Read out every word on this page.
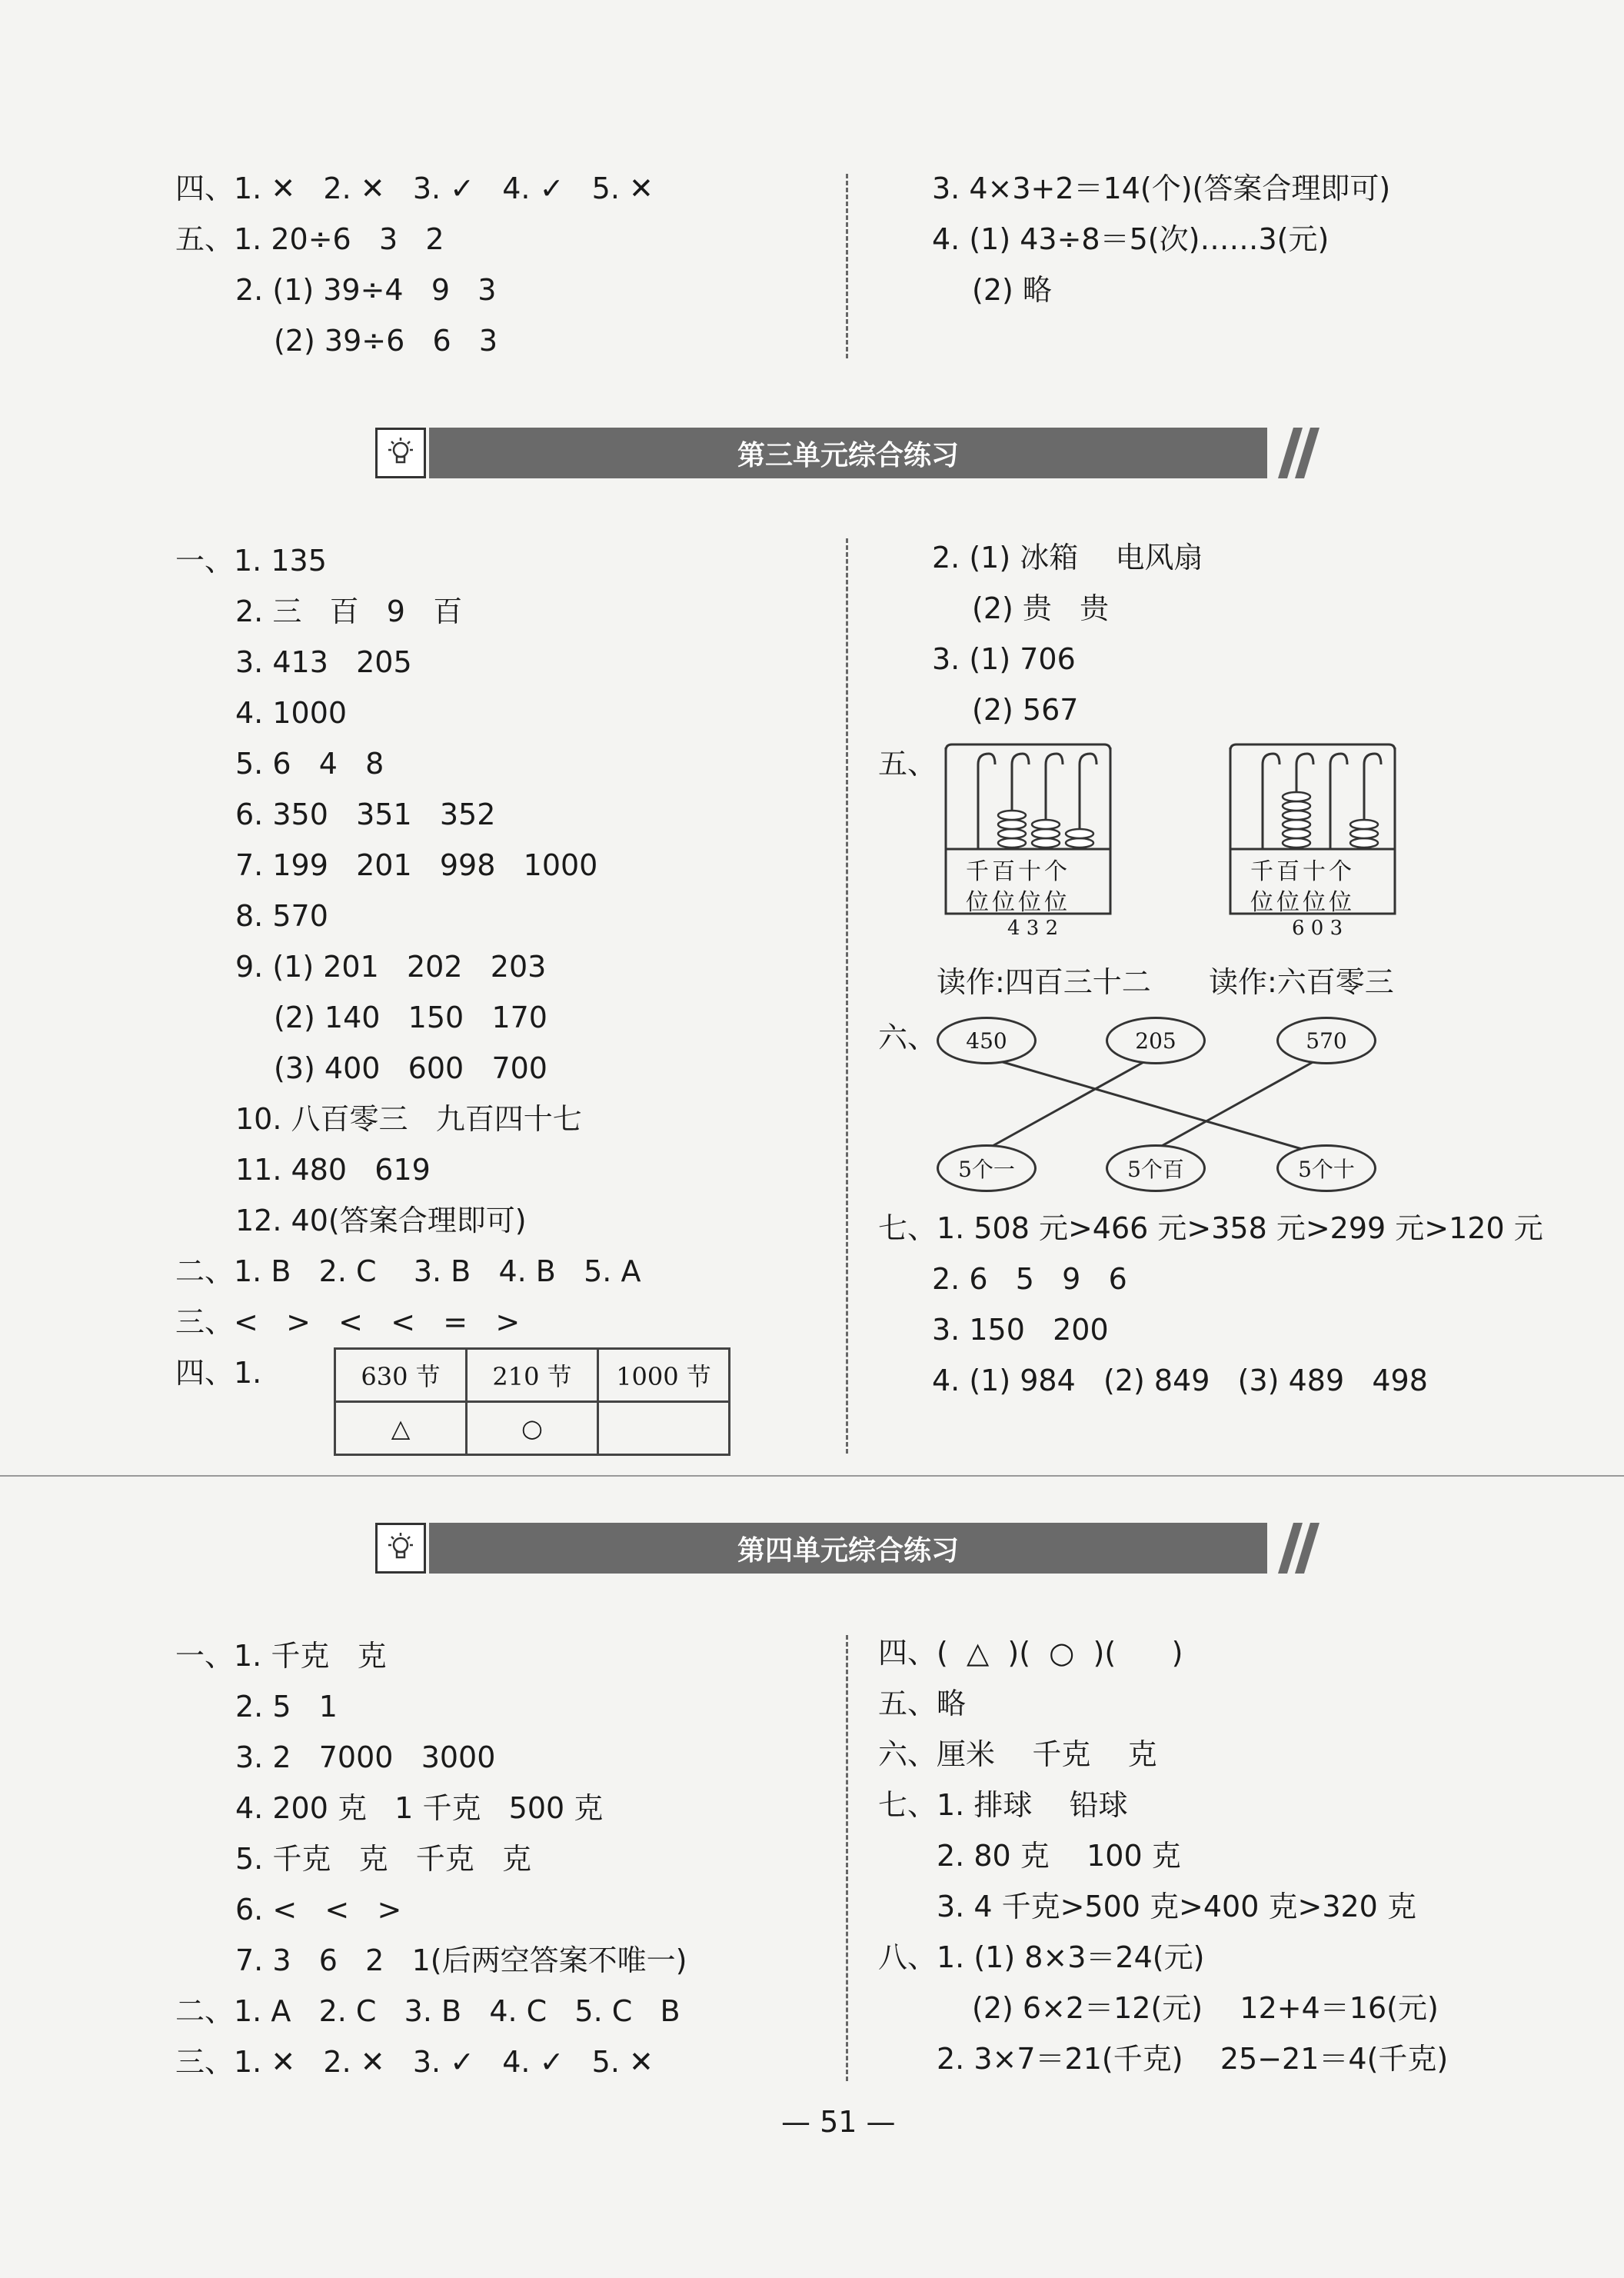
四、1. ✕   2. ✕   3. ✓   4. ✓   5. ✕
五、1. 20÷6   3   2
2. (1) 39÷4   9   3
(2) 39÷6   6   3
3. 4×3+2＝14(个)(答案合理即可)
4. (1) 43÷8＝5(次)……3(元)
(2) 略
第三单元综合练习
一、1. 135
2. 三   百   9   百
3. 413   205
4. 1000
5. 6   4   8
6. 350   351   352
7. 199   201   998   1000
8. 570
9. (1) 201   202   203
(2) 140   150   170
(3) 400   600   700
10. 八百零三   九百四十七
11. 480   619
12. 40(答案合理即可)
二、1. B   2. C    3. B   4. B   5. A
三、<   >   <   <   =   >
四、1.	630 节	210 节	1000 节
△	○	
2. (1) 冰箱    电风扇
(2) 贵   贵
3. (1) 706
(2) 567
五、
千百十个
位位位位
4 3 2
千百十个
位位位位
6 0 3
读作:四百三十二 读作:六百零三
六、	450	205	570
5个一	5个百	5个十
七、1. 508 元>466 元>358 元>299 元>120 元
2. 6   5   9   6
3. 150   200
4. (1) 984   (2) 849   (3) 489   498
第四单元综合练习
一、1. 千克   克
2. 5   1
3. 2   7000   3000
4. 200 克   1 千克   500 克
5. 千克   克   千克   克
6. <   <   >
7. 3   6   2   1(后两空答案不唯一)
二、1. A   2. C   3. B   4. C   5. C   B
三、1. ✕   2. ✕   3. ✓   4. ✓   5. ✕
四、(  △  )(  ○  )(      )
五、略
六、厘米    千克    克
七、1. 排球    铅球
2. 80 克    100 克
3. 4 千克>500 克>400 克>320 克
八、1. (1) 8×3＝24(元)
(2) 6×2＝12(元)    12+4＝16(元)
2. 3×7＝21(千克)    25−21＝4(千克)
— 51 —
